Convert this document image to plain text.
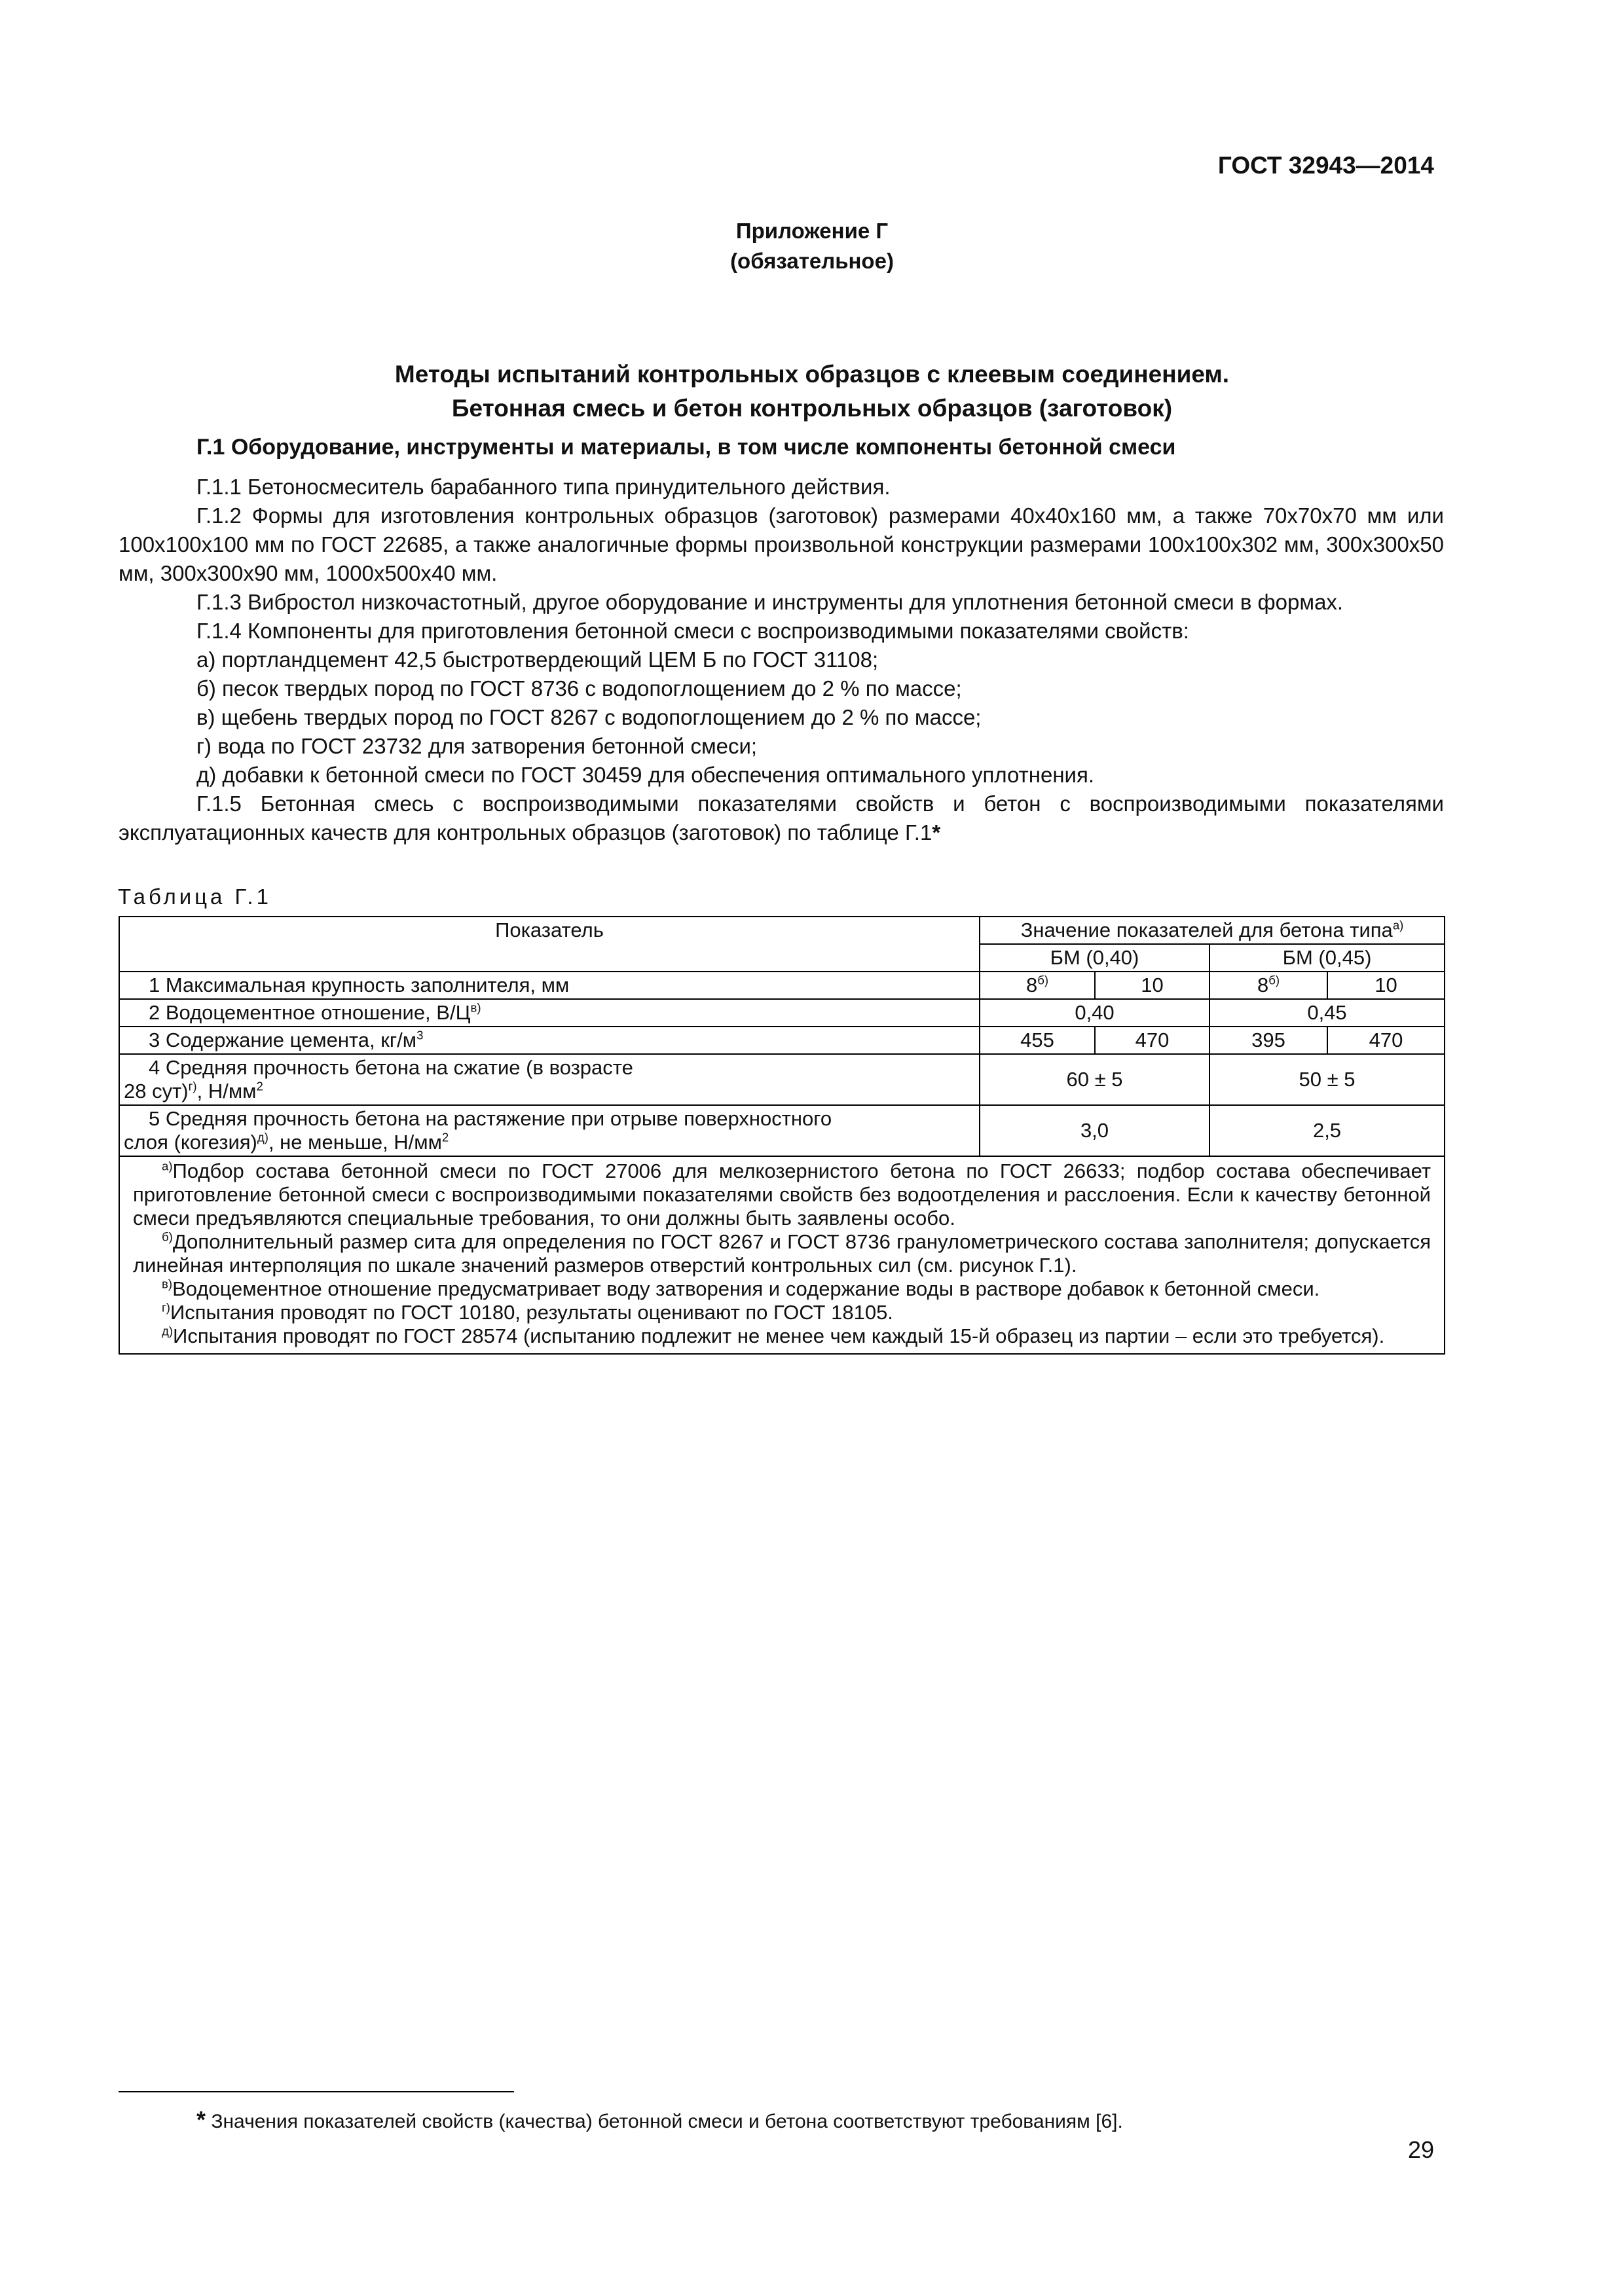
ГОСТ 32943—2014
Приложение Г
(обязательное)
Методы испытаний контрольных образцов с клеевым соединением.
Бетонная смесь и бетон контрольных образцов (заготовок)
Г.1 Оборудование, инструменты и материалы, в том числе компоненты бетонной смеси

Г.1.1 Бетоносмеситель барабанного типа принудительного действия.

Г.1.2 Формы для изготовления контрольных образцов (заготовок) размерами 40х40х160 мм, а также 70х70х70 мм или 100х100х100 мм по ГОСТ 22685, а также аналогичные формы произвольной конструкции размерами 100х100х302 мм, 300х300х50 мм, 300х300х90 мм, 1000х500х40 мм.

Г.1.3 Вибростол низкочастотный, другое оборудование и инструменты для уплотнения бетонной смеси в формах.

Г.1.4 Компоненты для приготовления бетонной смеси с воспроизводимыми показателями свойств:

а) портландцемент 42,5 быстротвердеющий ЦЕМ Б по ГОСТ 31108;

б) песок твердых пород по ГОСТ 8736 с водопоглощением до 2 % по массе;

в) щебень твердых пород по ГОСТ 8267 с водопоглощением до 2 % по массе;

г) вода по ГОСТ 23732 для затворения бетонной смеси;

д) добавки к бетонной смеси по ГОСТ 30459 для обеспечения оптимального уплотнения.

Г.1.5 Бетонная смесь с воспроизводимыми показателями свойств и бетон с воспроизводимыми показателями эксплуатационных качеств для контрольных образцов (заготовок) по таблице Г.1*

Таблица Г.1
Показатель	Значение показателей для бетона типа$^{а)}$
	БМ (0,40)		БМ (0,45)	
1 Максимальная крупность заполнителя, мм	$8^{б)}$	10	$8^{б)}$	10
2 Водоцементное отношение, $В/Ц^{в)}$	0,40		0,45	
3 Содержание цемента, $кг/м^3$	455	470	395	470
4 Средняя прочность бетона на сжатие (в возрасте
28 сут)$^{г)}$, $Н/мм^2$	60 ± 5		50 ± 5	
5 Средняя прочность бетона на растяжение при отрыве поверхностного
слоя (когезия)$^{д)}$, не меньше, $Н/мм^2$	3,0		2,5	

$^{а)}$Подбор состава бетонной смеси по ГОСТ 27006 для мелкозернистого бетона по ГОСТ 26633; подбор состава обеспечивает приготовление бетонной смеси с воспроизводимыми показателями свойств без водоотделения и расслоения. Если к качеству бетонной смеси предъявляются специальные требования, то они должны быть заявлены особо.

$^{б)}$Дополнительный размер сита для определения по ГОСТ 8267 и ГОСТ 8736 гранулометрического состава заполнителя; допускается линейная интерполяция по шкале значений размеров отверстий контрольных сил (см. рисунок Г.1).

$^{в)}$Водоцементное отношение предусматривает воду затворения и содержание воды в растворе добавок к бетонной смеси.

$^{г)}$Испытания проводят по ГОСТ 10180, результаты оценивают по ГОСТ 18105.

$^{д)}$Испытания проводят по ГОСТ 28574 (испытанию подлежит не менее чем каждый 15-й образец из партии – если это требуется).				

* Значения показателей свойств (качества) бетонной смеси и бетона соответствуют требованиям [6].
29
